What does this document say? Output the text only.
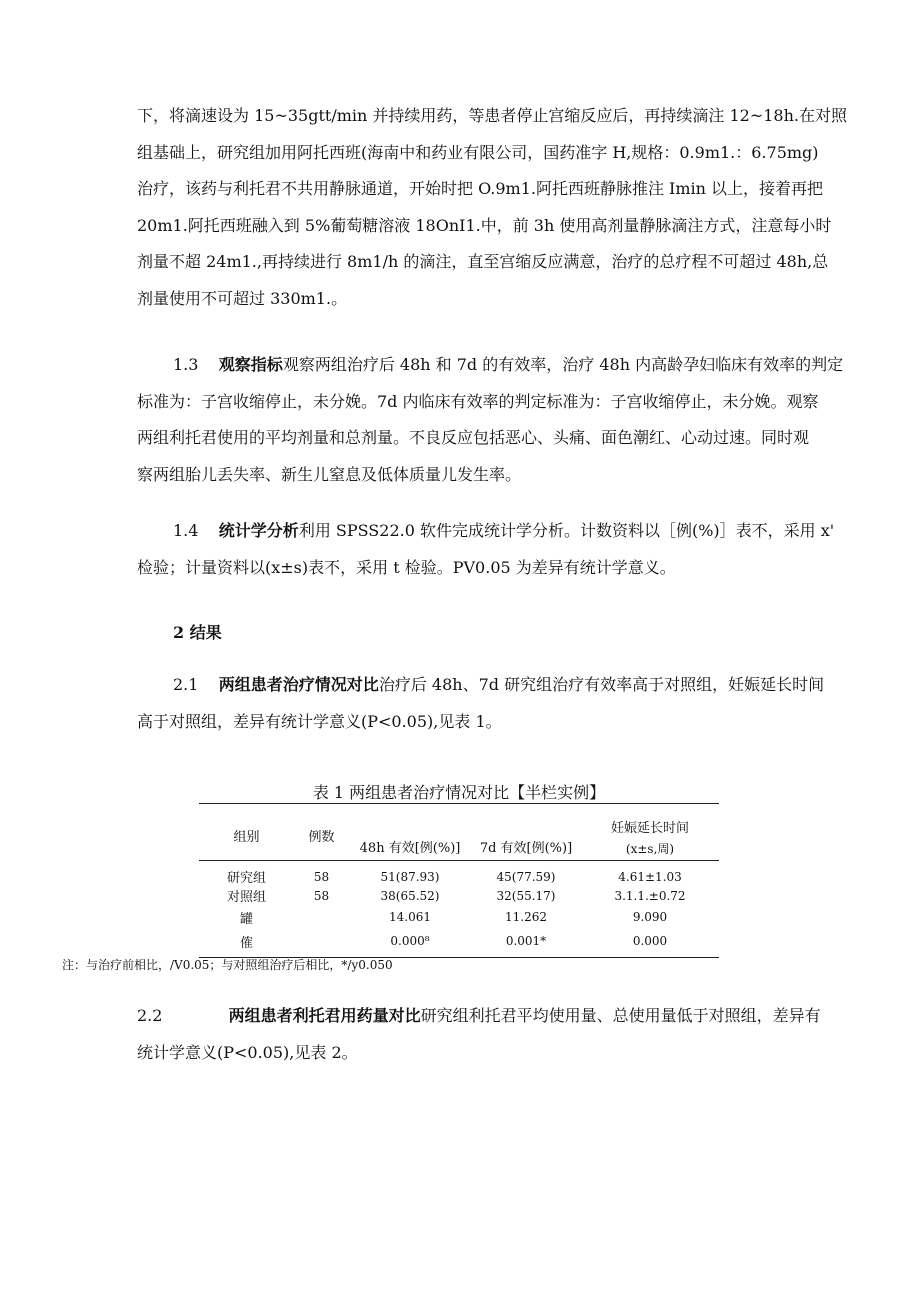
下，将滴速设为 15~35gtt∕min 并持续用药，等患者停止宫缩反应后，再持续滴注 12~18h.在对照
组基础上，研究组加用阿托西班(海南中和药业有限公司，国药准字 H,规格：0.9m1.：6.75mg)
治疗，该药与利托君不共用静脉通道，开始时把 O.9m1.阿托西班静脉推注 Imin 以上，接着再把
20m1.阿托西班融入到 5%葡萄糖溶液 18OnI1.中，前 3h 使用高剂量静脉滴注方式，注意每小时
剂量不超 24m1.,再持续进行 8m1∕h 的滴注，直至宫缩反应满意，治疗的总疗程不可超过 48h,总
剂量使用不可超过 330m1.。
1.3 观察指标观察两组治疗后 48h 和 7d 的有效率，治疗 48h 内高龄孕妇临床有效率的判定
标准为：子宫收缩停止，未分娩。7d 内临床有效率的判定标准为：子宫收缩停止，未分娩。观察
两组利托君使用的平均剂量和总剂量。不良反应包括恶心、头痛、面色潮红、心动过速。同时观
察两组胎儿丢失率、新生儿窒息及低体质量儿发生率。
1.4 统计学分析利用 SPSS22.0 软件完成统计学分析。计数资料以［例(%)］表不，采用 x'
检验；计量资料以(x±s)表不，采用 t 检验。PV0.05 为差异有统计学意义。
2 结果
2.1 两组患者治疗情况对比治疗后 48h、7d 研究组治疗有效率高于对照组，妊娠延长时间
高于对照组，差异有统计学意义(P<0.05),见表 1。
表 1 两组患者治疗情况对比【半栏实例】
组别	例数	48h 有效[例(%)]	7d 有效[例(%)]	妊娠延长时间
				(x±s,周)
研究组	58	51(87.93)	45(77.59)	4.61±1.03
对照组	58	38(65.52)	32(55.17)	3.1.1.±0.72
罐		14.061	11.262	9.090
傕		0.000⁸	0.001*	0.000
注：与治疗前相比，/V0.05；与对照组治疗后相比，*/y0.050
2.2	两组患者利托君用药量对比研究组利托君平均使用量、总使用量低于对照组，差异有
统计学意义(P<0.05),见表 2。
